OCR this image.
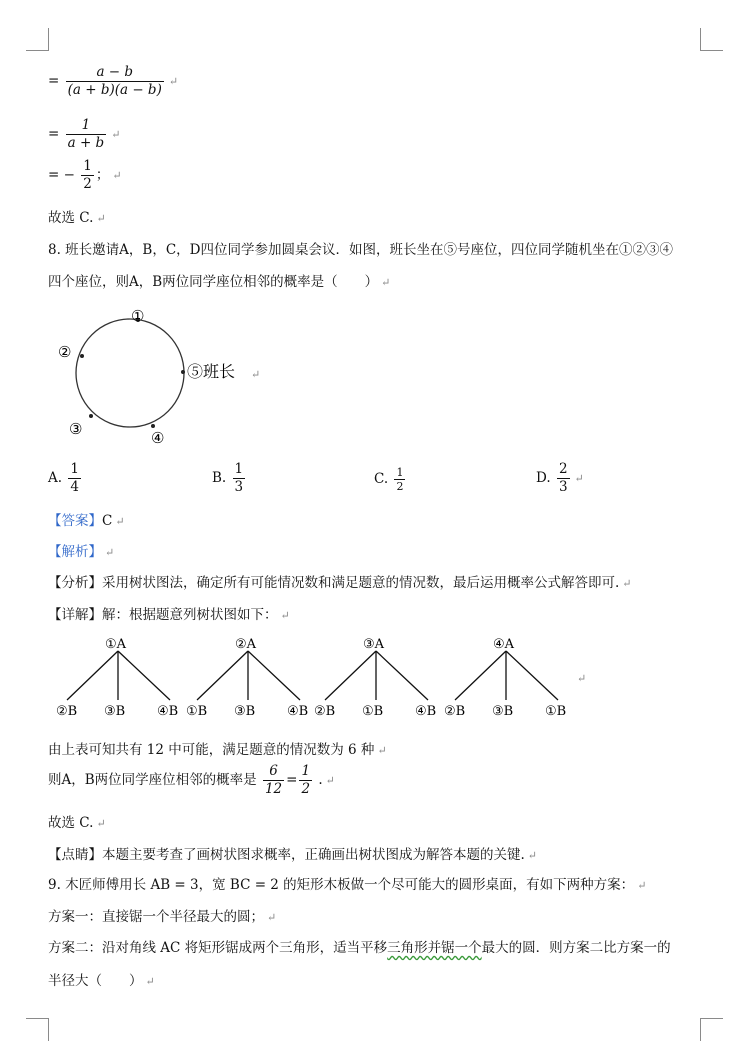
= $\frac{a - b}{(a + b)(a - b)}$ ↵
= $\frac{1}{a + b}$ ↵
= − $\frac{1}{2}$ ； ↵
故选 C. ↵
8. 班长邀请A，B，C，D四位同学参加圆桌会议．如图，班长坐在⑤号座位，四位同学随机坐在①②③④
四个座位，则A，B两位同学座位相邻的概率是（　　） ↵
①
②
⑤班长
③	④
↵
A. $\frac{1}{4}$	B. $\frac{1}{3}$	C. $\frac{1}{2}$	D. $\frac{2}{3}$ ↵
【答案】C ↵
【解析】 ↵
【分析】采用树状图法，确定所有可能情况数和满足题意的情况数，最后运用概率公式解答即可. ↵
【详解】解：根据题意列树状图如下： ↵
①A
②B ③B ④B
②A
①B ③B ④B
③A
②B ①B ④B
④A
②B ③B ①B
↵
由上表可知共有 12 中可能，满足题意的情况数为 6 种 ↵
则A，B两位同学座位相邻的概率是 $\frac{6}{12} = \frac{1}{2}$ . ↵
故选 C. ↵
【点睛】本题主要考查了画树状图求概率，正确画出树状图成为解答本题的关键. ↵
9. 木匠师傅用长 AB = 3，宽 BC = 2 的矩形木板做一个尽可能大的圆形桌面，有如下两种方案： ↵
方案一：直接锯一个半径最大的圆； ↵
方案二：沿对角线 AC 将矩形锯成两个三角形，适当平移三角形并锯一个最大的圆．则方案二比方案一的
半径大（　　） ↵
